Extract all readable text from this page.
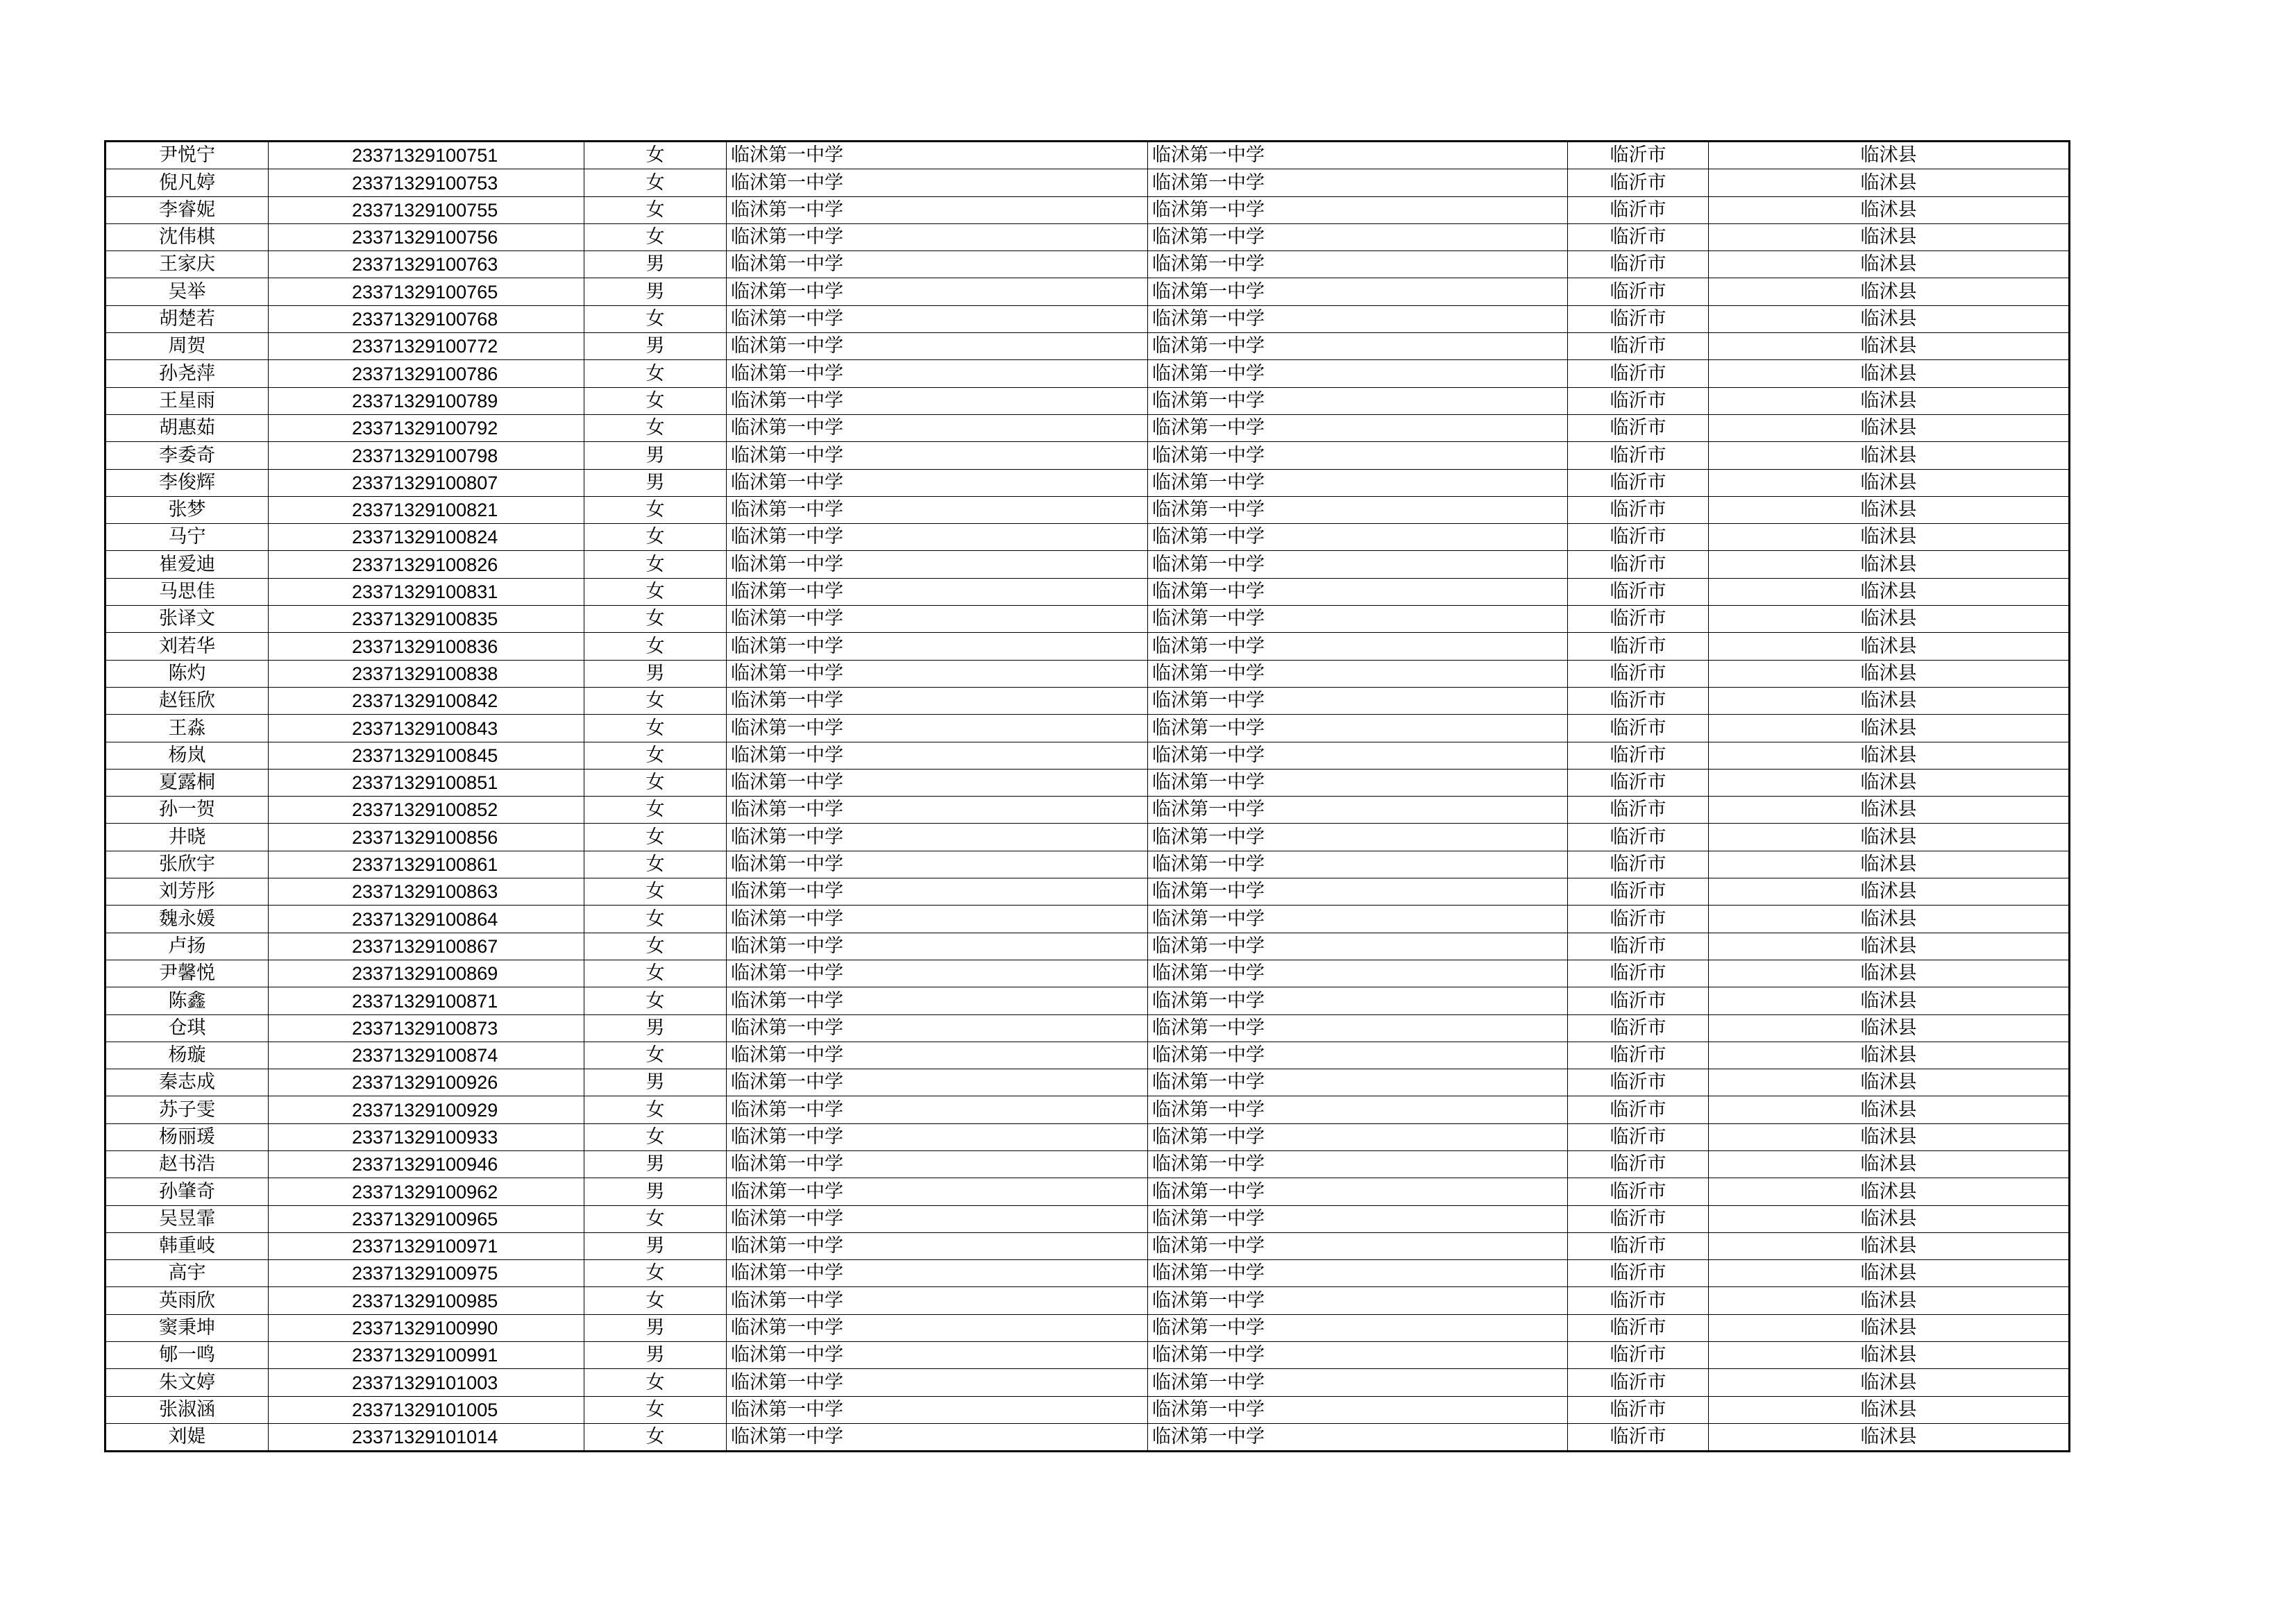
尹悦宁	23371329100751	女	临沭第一中学	临沭第一中学	临沂市	临沭县
倪凡婷	23371329100753	女	临沭第一中学	临沭第一中学	临沂市	临沭县
李睿妮	23371329100755	女	临沭第一中学	临沭第一中学	临沂市	临沭县
沈伟棋	23371329100756	女	临沭第一中学	临沭第一中学	临沂市	临沭县
王家庆	23371329100763	男	临沭第一中学	临沭第一中学	临沂市	临沭县
吴举	23371329100765	男	临沭第一中学	临沭第一中学	临沂市	临沭县
胡楚若	23371329100768	女	临沭第一中学	临沭第一中学	临沂市	临沭县
周贺	23371329100772	男	临沭第一中学	临沭第一中学	临沂市	临沭县
孙尧萍	23371329100786	女	临沭第一中学	临沭第一中学	临沂市	临沭县
王星雨	23371329100789	女	临沭第一中学	临沭第一中学	临沂市	临沭县
胡惠茹	23371329100792	女	临沭第一中学	临沭第一中学	临沂市	临沭县
李委奇	23371329100798	男	临沭第一中学	临沭第一中学	临沂市	临沭县
李俊辉	23371329100807	男	临沭第一中学	临沭第一中学	临沂市	临沭县
张梦	23371329100821	女	临沭第一中学	临沭第一中学	临沂市	临沭县
马宁	23371329100824	女	临沭第一中学	临沭第一中学	临沂市	临沭县
崔爱迪	23371329100826	女	临沭第一中学	临沭第一中学	临沂市	临沭县
马思佳	23371329100831	女	临沭第一中学	临沭第一中学	临沂市	临沭县
张译文	23371329100835	女	临沭第一中学	临沭第一中学	临沂市	临沭县
刘若华	23371329100836	女	临沭第一中学	临沭第一中学	临沂市	临沭县
陈灼	23371329100838	男	临沭第一中学	临沭第一中学	临沂市	临沭县
赵钰欣	23371329100842	女	临沭第一中学	临沭第一中学	临沂市	临沭县
王淼	23371329100843	女	临沭第一中学	临沭第一中学	临沂市	临沭县
杨岚	23371329100845	女	临沭第一中学	临沭第一中学	临沂市	临沭县
夏露桐	23371329100851	女	临沭第一中学	临沭第一中学	临沂市	临沭县
孙一贺	23371329100852	女	临沭第一中学	临沭第一中学	临沂市	临沭县
井晓	23371329100856	女	临沭第一中学	临沭第一中学	临沂市	临沭县
张欣宇	23371329100861	女	临沭第一中学	临沭第一中学	临沂市	临沭县
刘芳彤	23371329100863	女	临沭第一中学	临沭第一中学	临沂市	临沭县
魏永媛	23371329100864	女	临沭第一中学	临沭第一中学	临沂市	临沭县
卢扬	23371329100867	女	临沭第一中学	临沭第一中学	临沂市	临沭县
尹馨悦	23371329100869	女	临沭第一中学	临沭第一中学	临沂市	临沭县
陈鑫	23371329100871	女	临沭第一中学	临沭第一中学	临沂市	临沭县
仓琪	23371329100873	男	临沭第一中学	临沭第一中学	临沂市	临沭县
杨璇	23371329100874	女	临沭第一中学	临沭第一中学	临沂市	临沭县
秦志成	23371329100926	男	临沭第一中学	临沭第一中学	临沂市	临沭县
苏子雯	23371329100929	女	临沭第一中学	临沭第一中学	临沂市	临沭县
杨丽瑗	23371329100933	女	临沭第一中学	临沭第一中学	临沂市	临沭县
赵书浩	23371329100946	男	临沭第一中学	临沭第一中学	临沂市	临沭县
孙肇奇	23371329100962	男	临沭第一中学	临沭第一中学	临沂市	临沭县
吴昱霏	23371329100965	女	临沭第一中学	临沭第一中学	临沂市	临沭县
韩重岐	23371329100971	男	临沭第一中学	临沭第一中学	临沂市	临沭县
高宇	23371329100975	女	临沭第一中学	临沭第一中学	临沂市	临沭县
英雨欣	23371329100985	女	临沭第一中学	临沭第一中学	临沂市	临沭县
窦秉坤	23371329100990	男	临沭第一中学	临沭第一中学	临沂市	临沭县
郇一鸣	23371329100991	男	临沭第一中学	临沭第一中学	临沂市	临沭县
朱文婷	23371329101003	女	临沭第一中学	临沭第一中学	临沂市	临沭县
张淑涵	23371329101005	女	临沭第一中学	临沭第一中学	临沂市	临沭县
刘媞	23371329101014	女	临沭第一中学	临沭第一中学	临沂市	临沭县
